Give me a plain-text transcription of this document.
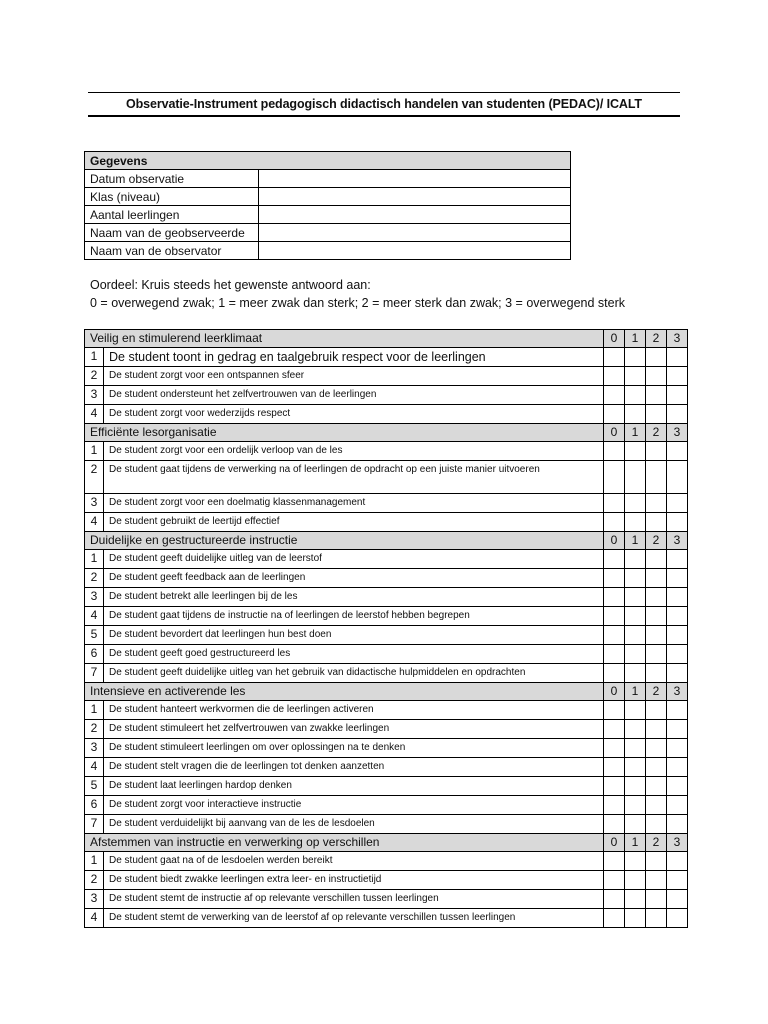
Observatie-Instrument pedagogisch didactisch handelen van studenten (PEDAC)/ ICALT
Gegevens	
Datum observatie	
Klas (niveau)	
Aantal leerlingen	
Naam van de geobserveerde	
Naam van de observator	
Oordeel: Kruis steeds het gewenste antwoord aan:
0 = overwegend zwak; 1 = meer zwak dan sterk; 2 = meer sterk dan zwak; 3 = overwegend sterk
Veilig en stimulerend leerklimaat		0	1	2	3
1	De student toont in gedrag en taalgebruik respect voor de leerlingen				
2	De student zorgt voor een ontspannen sfeer				
3	De student ondersteunt het zelfvertrouwen van de leerlingen				
4	De student zorgt voor wederzijds respect				
Efficiënte lesorganisatie		0	1	2	3
1	De student zorgt voor een ordelijk verloop van de les				
2	De student gaat tijdens de verwerking na of leerlingen de opdracht op een juiste manier uitvoeren				
3	De student zorgt voor een doelmatig klassenmanagement				
4	De student gebruikt de leertijd effectief				
Duidelijke en gestructureerde instructie		0	1	2	3
1	De student geeft duidelijke uitleg van de leerstof				
2	De student geeft feedback aan de leerlingen				
3	De student betrekt alle leerlingen bij de les				
4	De student gaat tijdens de instructie na of leerlingen de leerstof hebben begrepen				
5	De student bevordert dat leerlingen hun best doen				
6	De student geeft goed gestructureerd les				
7	De student geeft duidelijke uitleg van het gebruik van didactische hulpmiddelen en opdrachten				
Intensieve en activerende les		0	1	2	3
1	De student hanteert werkvormen die de leerlingen activeren				
2	De student stimuleert het zelfvertrouwen van zwakke leerlingen				
3	De student stimuleert leerlingen om over oplossingen na te denken				
4	De student stelt vragen die de leerlingen tot denken aanzetten				
5	De student laat leerlingen hardop denken				
6	De student zorgt voor interactieve instructie				
7	De student verduidelijkt bij aanvang van de les de lesdoelen				
Afstemmen van instructie en verwerking op verschillen		0	1	2	3
1	De student gaat na of de lesdoelen werden bereikt				
2	De student biedt zwakke leerlingen extra leer- en instructietijd				
3	De student stemt de instructie af op relevante verschillen tussen leerlingen				
4	De student stemt de verwerking van de leerstof af op relevante verschillen tussen leerlingen				
